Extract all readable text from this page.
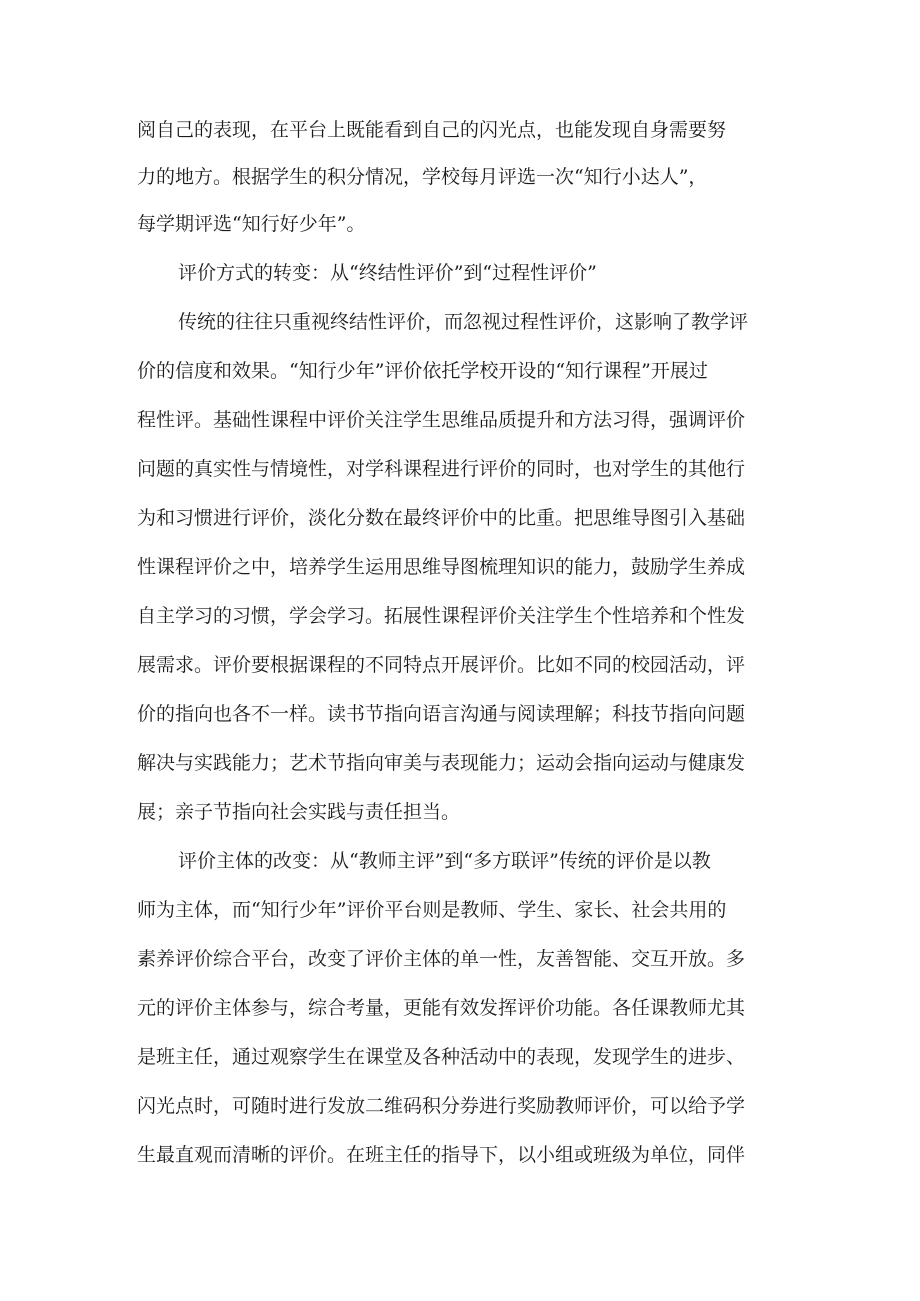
阅自己的表现，在平台上既能看到自己的闪光点，也能发现自身需要努
力的地方。根据学生的积分情况，学校每月评选一次“知行小达人”，
每学期评选“知行好少年”。
评价方式的转变：从“终结性评价”到“过程性评价”
传统的往往只重视终结性评价，而忽视过程性评价，这影响了教学评
价的信度和效果。“知行少年”评价依托学校开设的“知行课程”开展过
程性评。基础性课程中评价关注学生思维品质提升和方法习得，强调评价
问题的真实性与情境性，对学科课程进行评价的同时，也对学生的其他行
为和习惯进行评价，淡化分数在最终评价中的比重。把思维导图引入基础
性课程评价之中，培养学生运用思维导图梳理知识的能力，鼓励学生养成
自主学习的习惯，学会学习。拓展性课程评价关注学生个性培养和个性发
展需求。评价要根据课程的不同特点开展评价。比如不同的校园活动，评
价的指向也各不一样。读书节指向语言沟通与阅读理解；科技节指向问题
解决与实践能力；艺术节指向审美与表现能力；运动会指向运动与健康发
展；亲子节指向社会实践与责任担当。
评价主体的改变：从“教师主评”到“多方联评”传统的评价是以教
师为主体，而“知行少年”评价平台则是教师、学生、家长、社会共用的
素养评价综合平台，改变了评价主体的单一性，友善智能、交互开放。多
元的评价主体参与，综合考量，更能有效发挥评价功能。各任课教师尤其
是班主任，通过观察学生在课堂及各种活动中的表现，发现学生的进步、
闪光点时，可随时进行发放二维码积分券进行奖励教师评价，可以给予学
生最直观而清晰的评价。在班主任的指导下，以小组或班级为单位，同伴
